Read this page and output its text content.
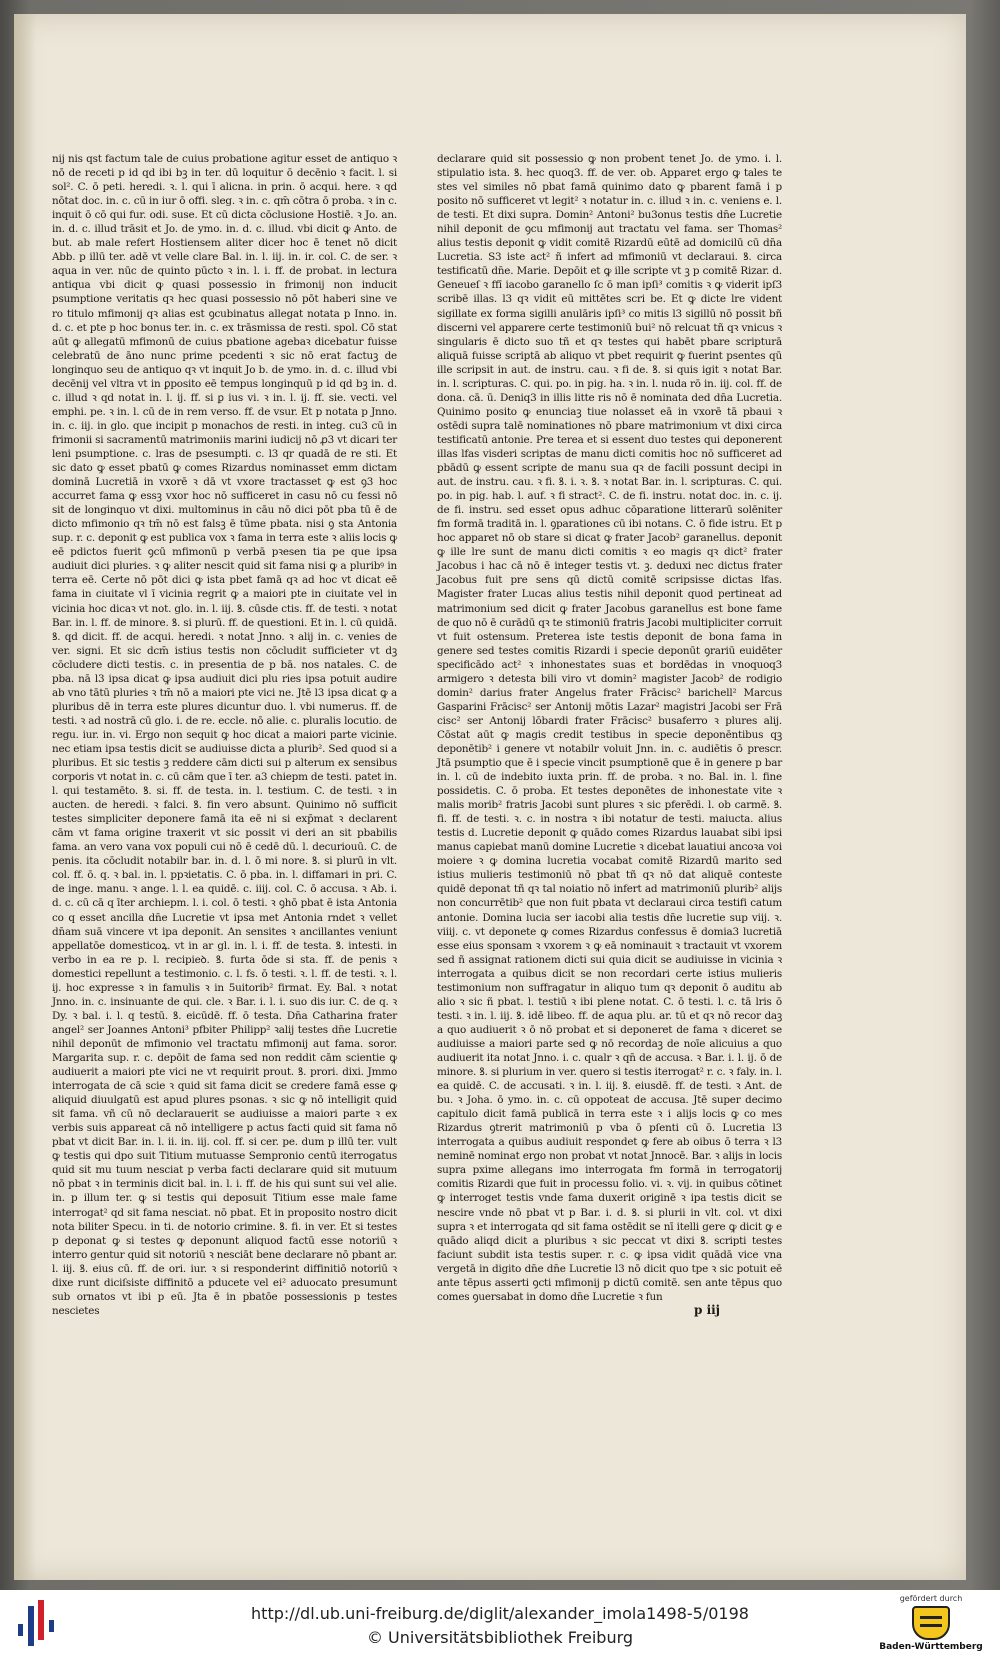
nij nis qst factum tale de cuius probatione agitur esset de antiquo ꝛ nō de receti p id qd ibi bꝫ in ter. dū loquitur ō decēnio ꝛ facit. l. si sol². C. ō peti. heredi. ꝛ. l. qui ī alicna. in prin. ō acqui. here. ꝛ qd nōtat doc. in. c. cū in iur ō offi. sleg. ꝛ in. c. qm̄ cōtra ō proba. ꝛ in c. inquit ō cō qui fur. odi. suse. Et cū dicta cōclusione Hostiē. ꝛ Jo. an. in. d. c. illud trāsit et Jo. de ymo. in. d. c. illud. vbi dicit ꝙ Anto. de but. ab male refert Hostiensem aliter dicer hoc ē tenet nō dicit Abb. p illū ter. adē vt velle clare Bal. in. l. iij. in. ir. col. C. de ser. ꝛ aqua in ver. nūc de quinto pūcto ꝛ in. l. i. ff. de probat. in lectura antiqua vbi dicit ꝙ quasi possessio in frimonij non inducit psumptione veritatis qꝛ hec quasi possessio nō pōt haberi sine ve ro titulo mfimonij qꝛ alias est ꝯcubinatus allegat notata p Inno. in. d. c. et pte p hoc bonus ter. in. c. ex trāsmissa de resti. spol. Cō stat aūt ꝙ allegatū mfimonū de cuius pbatione agebaꝛ dicebatur fuisse celebratū de āno nunc prime pcedenti ꝛ sic nō erat factuꝫ de longinquo seu de antiquo qꝛ vt inquit Jo b. de ymo. in. d. c. illud vbi decēnij vel vltra vt in ꝑposito eē tempus longinquū p id qd bꝫ in. d. c. illud ꝛ qd notat in. l. ij. ff. si ꝑ ius vi. ꝛ in. l. ij. ff. sie. vecti. vel emphi. pe. ꝛ in. l. cū de in rem verso. ff. de vsur. Et p notata p Jnno. in. c. iij. in glo. que incipit p monachos de resti. in integ. cu3 cū in frimonii si sacramentū matrimoniis marini iudicij nō ꝓ3 vt dicari ter leni psumptione. c. lras de psesumpti. c. l3 qr quadā de re sti. Et sic dato ꝙ esset pbatū ꝙ comes Rizardus nominasset emm dictam dominā Lucretiā in vxorē ꝛ dā vt vxore tractasset ꝙ est ꝯ3 hoc accurret fama ꝙ essꝫ vxor hoc nō sufficeret in casu nō cu fessi nō sit de longinquo vt dixi. multominus in cāu nō dici pōt pba tū ē de dicto mfimonio qꝛ tm̄ nō est falsꝫ ē tūme pbata. nisi ꝯ sta Antonia sup. r. c. deponit ꝙ est publica vox ꝛ fama in terra este ꝛ aliis locis ꝙ eē pdictos fuerit ꝯcū mfimonū p verbā pꝛesen tia pe que ipsa audiuit dici pluries. ꝛ ꝙ aliter nescit quid sit fama nisi ꝙ a pluribꝰ in terra eē. Certe nō pōt dici ꝙ ista pbet famā qꝛ ad hoc vt dicat eē fama in ciuitate vl ī vicinia regrit ꝙ a maiori pte in ciuitate vel in vicinia hoc dicaꝛ vt not. glo. in. l. iij. ꝸ. cūsde ctis. ff. de testi. ꝛ notat Bar. in. l. ff. de minore. ꝸ. si plurū. ff. de questioni. Et in. l. cū quidā. ꝸ. qd dicit. ff. de acqui. heredi. ꝛ notat Jnno. ꝛ alij in. c. venies de ver. signi. Et sic dcm̄ istius testis non cōcludit sufficieter vt dꝫ cōcludere dicti testis. c. in presentia de p bā. nos natales. C. de pba. nā l3 ipsa dicat ꝙ ipsa audiuit dici plu ries ipsa potuit audire ab vno tātū pluries ꝛ tm̄ nō a maiori pte vici ne. Jtē l3 ipsa dicat ꝙ a pluribus dē in terra este plures dicuntur duo. l. vbi numerus. ff. de testi. ꝛ ad nostrā cū glo. i. de re. eccle. nō alie. c. pluralis locutio. de regu. iur. in. vi. Ergo non sequit ꝙ hoc dicat a maiori parte vicinie. nec etiam ipsa testis dicit se audiuisse dicta a plurib². Sed quod si a pluribus. Et sic testis ꝫ reddere cām dicti sui p alterum ex sensibus corporis vt notat in. c. cū cām que ī ter. a3 chiepm de testi. patet in. l. qui testamēto. ꝸ. si. ff. de testa. in. l. testium. C. de testi. ꝛ in aucten. de heredi. ꝛ falci. ꝸ. fin vero absunt. Quinimo nō sufficit testes simpliciter deponere famā ita eē ni si exp̄mat ꝛ declarent cām vt fama origine traxerit vt sic possit vi deri an sit pbabilis fama. an vero vana vox populi cui nō ē cedē dū. l. decuriouū. C. de penis. ita cōcludit notabilr bar. in. d. l. ō mi nore. ꝸ. si plurū in vlt. col. ff. ō. q. ꝛ bal. in. l. ppꝛietatis. C. ō pba. in. l. diffamari in pri. C. de inge. manu. ꝛ ange. l. l. ea quidē. c. iiij. col. C. ō accusa. ꝛ Ab. i. d. c. cū cā q īter archiepm. l. i. col. ō testi. ꝛ ꝯhō pbat ē ista Antonia co q esset ancilla dn̄e Lucretie vt ipsa met Antonia rndet ꝛ vellet dn̄am suā vincere vt ipa deponit. An sensites ꝛ ancillantes veniunt appellatōe domesticoꝝ. vt in ar gl. in. l. i. ff. de testa. ꝸ. intesti. in verbo in ea re p. l. recipieꝺ. ꝸ. furta ōde si sta. ff. de penis ꝛ domestici repellunt a testimonio. c. l. fs. ō testi. ꝛ. l. ff. de testi. ꝛ. l. ij. hoc expresse ꝛ in famulis ꝛ in 5uitorib² firmat. Ey. Bal. ꝛ notat Jnno. in. c. insinuante de qui. cle. ꝛ Bar. i. l. i. suo dis iur. C. de q. ꝛ Dy. ꝛ bal. i. l. q testū. ꝸ. eicūdē. ff. ō testa. Dn̄a Catharina frater angel² ser Joannes Antoni³ pfbiter Philipp² ꝛalij testes dn̄e Lucretie nihil deponūt de mfimonio vel tractatu mfimonij aut fama. soror. Margarita sup. r. c. depōit de fama sed non reddit cām scientie ꝙ audiuerit a maiori pte vici ne vt requirit prout. ꝸ. prori. dixi. Jmmo interrogata de cā scie ꝛ quid sit fama dicit se credere famā esse ꝙ aliquid diuulgatū est apud plures psonas. ꝛ sic ꝙ nō intelligit quid sit fama. vñ cū nō declarauerit se audiuisse a maiori parte ꝛ ex verbis suis appareat cā nō intelligere p actus facti quid sit fama nō pbat vt dicit Bar. in. l. ii. in. iij. col. ff. si cer. pe. dum p illū ter. vult ꝙ testis qui dpo suit Titium mutuasse Sempronio centū iterrogatus quid sit mu tuum nesciat p verba facti declarare quid sit mutuum nō pbat ꝛ in terminis dicit bal. in. l. i. ff. de his qui sunt sui vel alie. in. p illum ter. ꝙ si testis qui deposuit Titium esse male fame interrogat² qd sit fama nesciat. nō pbat. Et in proposito nostro dicit nota biliter Specu. in ti. de notorio crimine. ꝸ. fi. in ver. Et si testes p deponat ꝙ si testes ꝙ deponunt aliquod factū esse notoriū ꝛ interro gentur quid sit notoriū ꝛ nesciāt bene declarare nō pbant ar. l. iij. ꝸ. eius cū. ff. de ori. iur. ꝛ si responderint diffinitiō notoriū ꝛ dixe runt diciſsiste diffinitō a pducete vel ei² aduocato presumunt sub ornatos vt ibi p eū. Jta ē in pbatōe possessionis p testes nescietes

declarare quid sit possessio ꝙ non probent tenet Jo. de ymo. i. l. stipulatio ista. ꝸ. hec quoq3. ff. de ver. ob. Apparet ergo ꝙ tales te stes vel similes nō pbat famā quinimo dato ꝙ pbarent famā i p posito nō sufficeret vt legit² ꝛ notatur in. c. illud ꝛ in. c. veniens e. l. de testi. Et dixi supra. Domin² Antoni² bu3onus testis dn̄e Lucretie nihil deponit de ꝯcu mfimonij aut tractatu vel fama. ser Thomas² alius testis deponit ꝙ vidit comitē Rizardū eūtē ad domicilū cū dn̄a Lucretia. S3 iste act² ñ infert ad mfimoniū vt declaraui. ꝸ. circa testificatū dn̄e. Marie. Depōit et ꝙ ille scripte vt ꝫ p comitē Rizar. d. Geneueſ ꝛ ffī iacobo garanello ſc ō man ipſi³ comitis ꝛ ꝙ viderit ipſ3 scribē illas. l3 qꝛ vidit eū mittētes scri be. Et ꝙ dicte lre vident sigillate ex forma sigilli anulāris ipſi³ co mitis l3 sigillū nō possit bñ discerni vel apparere certe testimoniū bui² nō relcuat tñ qꝛ vnicus ꝛ singularis ē dicto suo tñ et qꝛ testes qui habēt pbare scripturā aliquā fuisse scriptā ab aliquo vt pbet requirit ꝙ fuerint psentes qū ille scripsit in aut. de instru. cau. ꝛ fi de. ꝸ. si quis igit ꝛ notat Bar. in. l. scripturas. C. qui. po. in pig. ha. ꝛ in. l. nuda rō in. iij. col. ff. de dona. cā. ū. Deniq3 in illis litte ris nō ē nominata ded dn̄a Lucretia. Quinimo posito ꝙ enunciaꝫ tiue nolasset eā in vxorē tā pbaui ꝛ ostēdi supra talē nominationes nō pbare matrimonium vt dixi circa testificatū antonie. Pre terea et si essent duo testes qui deponerent illas lfas visderi scriptas de manu dicti comitis hoc nō sufficeret ad pbādū ꝙ essent scripte de manu sua qꝛ de facili possunt decipi in aut. de instru. cau. ꝛ fi. ꝸ. i. ꝛ. ꝸ. ꝛ notat Bar. in. l. scripturas. C. qui. po. in pig. hab. l. auf. ꝛ fi stract². C. de fi. instru. notat doc. in. c. ij. de fi. instru. sed esset opus adhuc cōparatione litterarū solēniter fm formā traditā in. l. ꝯparationes cū ibi notans. C. ō fide istru. Et p hoc apparet nō ob stare si dicat ꝙ frater Jacob² garanellus. deponit ꝙ ille lre sunt de manu dicti comitis ꝛ eo magis qꝛ dict² frater Jacobus i hac cā nō ē integer testis vt. ꝫ. deduxi nec dictus frater Jacobus fuit pre sens qū dictū comitē scripsisse dictas lfas. Magister frater Lucas alius testis nihil deponit quod pertineat ad matrimonium sed dicit ꝙ frater Jacobus garanellus est bone fame de quo nō ē curādū qꝛ te stimoniū fratris Jacobi multipliciter corruit vt fuit ostensum. Preterea iste testis deponit de bona fama in genere sed testes comitis Rizardi i specie deponūt ꝯrariū euidēter specificādo act² ꝛ inhonestates suas et bordēdas in vnoquoq3 armigero ꝛ detesta bili viro vt domin² magister Jacob² de rodigio domin² darius frater Angelus frater Frācisc² barichell² Marcus Gasparini Frācisc² ser Antonij mōtis Lazar² magistri Jacobi ser Frā cisc² ser Antonij lōbardi frater Frācisc² busaferro ꝛ plures alij. Cōstat aūt ꝙ magis credit testibus in specie deponēntibus qꝫ deponētib² i genere vt notabilr voluit Jnn. in. c. audiētis ō prescr. Jtā psumptio que ē i specie vincit psumptionē que ē in genere p bar in. l. cū de indebito iuxta prin. ff. de proba. ꝛ no. Bal. in. l. fine possidetis. C. ō proba. Et testes deponētes de inhonestate vite ꝛ malis morib² fratris Jacobi sunt plures ꝛ sic pferēdi. l. ob carmē. ꝸ. fi. ff. de testi. ꝛ. c. in nostra ꝛ ibi notatur de testi. maiucta. alius testis d. Lucretie deponit ꝙ quādo comes Rizardus lauabat sibi ipsi manus capiebat manū domine Lucretie ꝛ dicebat lauatiui ancoꝛa voi moiere ꝛ ꝙ domina lucretia vocabat comitē Rizardū marito sed istius mulieris testimoniū nō pbat tñ qꝛ nō dat aliquē conteste quidē deponat tñ qꝛ tal noiatio nō infert ad matrimoniū plurib² alijs non concurrētib² que non fuit pbata vt declaraui circa testifi catum antonie. Domina lucia ser iacobi alia testis dn̄e lucretie sup viij. ꝛ. viiij. c. vt deponete ꝙ comes Rizardus confessus ē domia3 lucretiā esse eius sponsam ꝛ vxorem ꝛ ꝙ eā nominauit ꝛ tractauit vt vxorem sed ñ assignat rationem dicti sui quia dicit se audiuisse in vicinia ꝛ interrogata a quibus dicit se non recordari certe istius mulieris testimonium non suffragatur in aliquo tum qꝛ deponit ō auditu ab alio ꝛ sic ñ pbat. l. testiū ꝛ ibi plene notat. C. ō testi. l. c. tā lris ō testi. ꝛ in. l. iij. ꝸ. idē libeo. ff. de aqua plu. ar. tū et qꝛ nō recor daꝫ a quo audiuerit ꝛ ō nō probat et si deponeret de fama ꝛ diceret se audiuisse a maiori parte sed ꝙ nō recordaꝫ de noīe alicuius a quo audiuerit ita notat Jnno. i. c. qualr ꝛ qn̄ de accusa. ꝛ Bar. i. l. ij. ō de minore. ꝸ. si plurium in ver. quero si testis iterrogat² r. c. ꝛ faly. in. l. ea quidē. C. de accusati. ꝛ in. l. iij. ꝸ. eiusdē. ff. de testi. ꝛ Ant. de bu. ꝛ Joha. ō ymo. in. c. cū oppoteat de accusa. Jtē super decimo capitulo dicit famā publicā in terra este ꝛ i alijs locis ꝙ co mes Rizardus ꝯtrerit matrimoniū p vba ō pſenti cū ō. Lucretia l3 interrogata a quibus audiuit respondet ꝙ fere ab oibus ō terra ꝛ l3 neminē nominat ergo non probat vt notat Jnnocē. Bar. ꝛ alijs in locis supra pxime allegans imo interrogata fm formā in terrogatorij comitis Rizardi que fuit in processu folio. vi. ꝛ. vij. in quibus cōtinet ꝙ interroget testis vnde fama duxerit originē ꝛ ipa testis dicit se nescire vnde nō pbat vt p Bar. i. d. ꝸ. si plurii in vlt. col. vt dixi supra ꝛ et interrogata qd sit fama ostēdit se nī itelli gere ꝙ dicit ꝙ e quādo aliqd dicit a pluribus ꝛ sic peccat vt dixi ꝸ. scripti testes faciunt subdit ista testis super. r. c. ꝙ ipsa vidit quādā vice vna vergetā in digito dn̄e dn̄e Lucretie l3 nō dicit quo tpe ꝛ sic potuit eē ante tēpus asserti ꝯcti mfimonij p dictū comitē. sen ante tēpus quo comes ꝯuersabat in domo dn̄e Lucretie ꝛ fun

p iij
http://dl.ub.uni-freiburg.de/diglit/alexander_imola1498-5/0198
© Universitätsbibliothek Freiburg
gefördert durch
Baden-Württemberg
